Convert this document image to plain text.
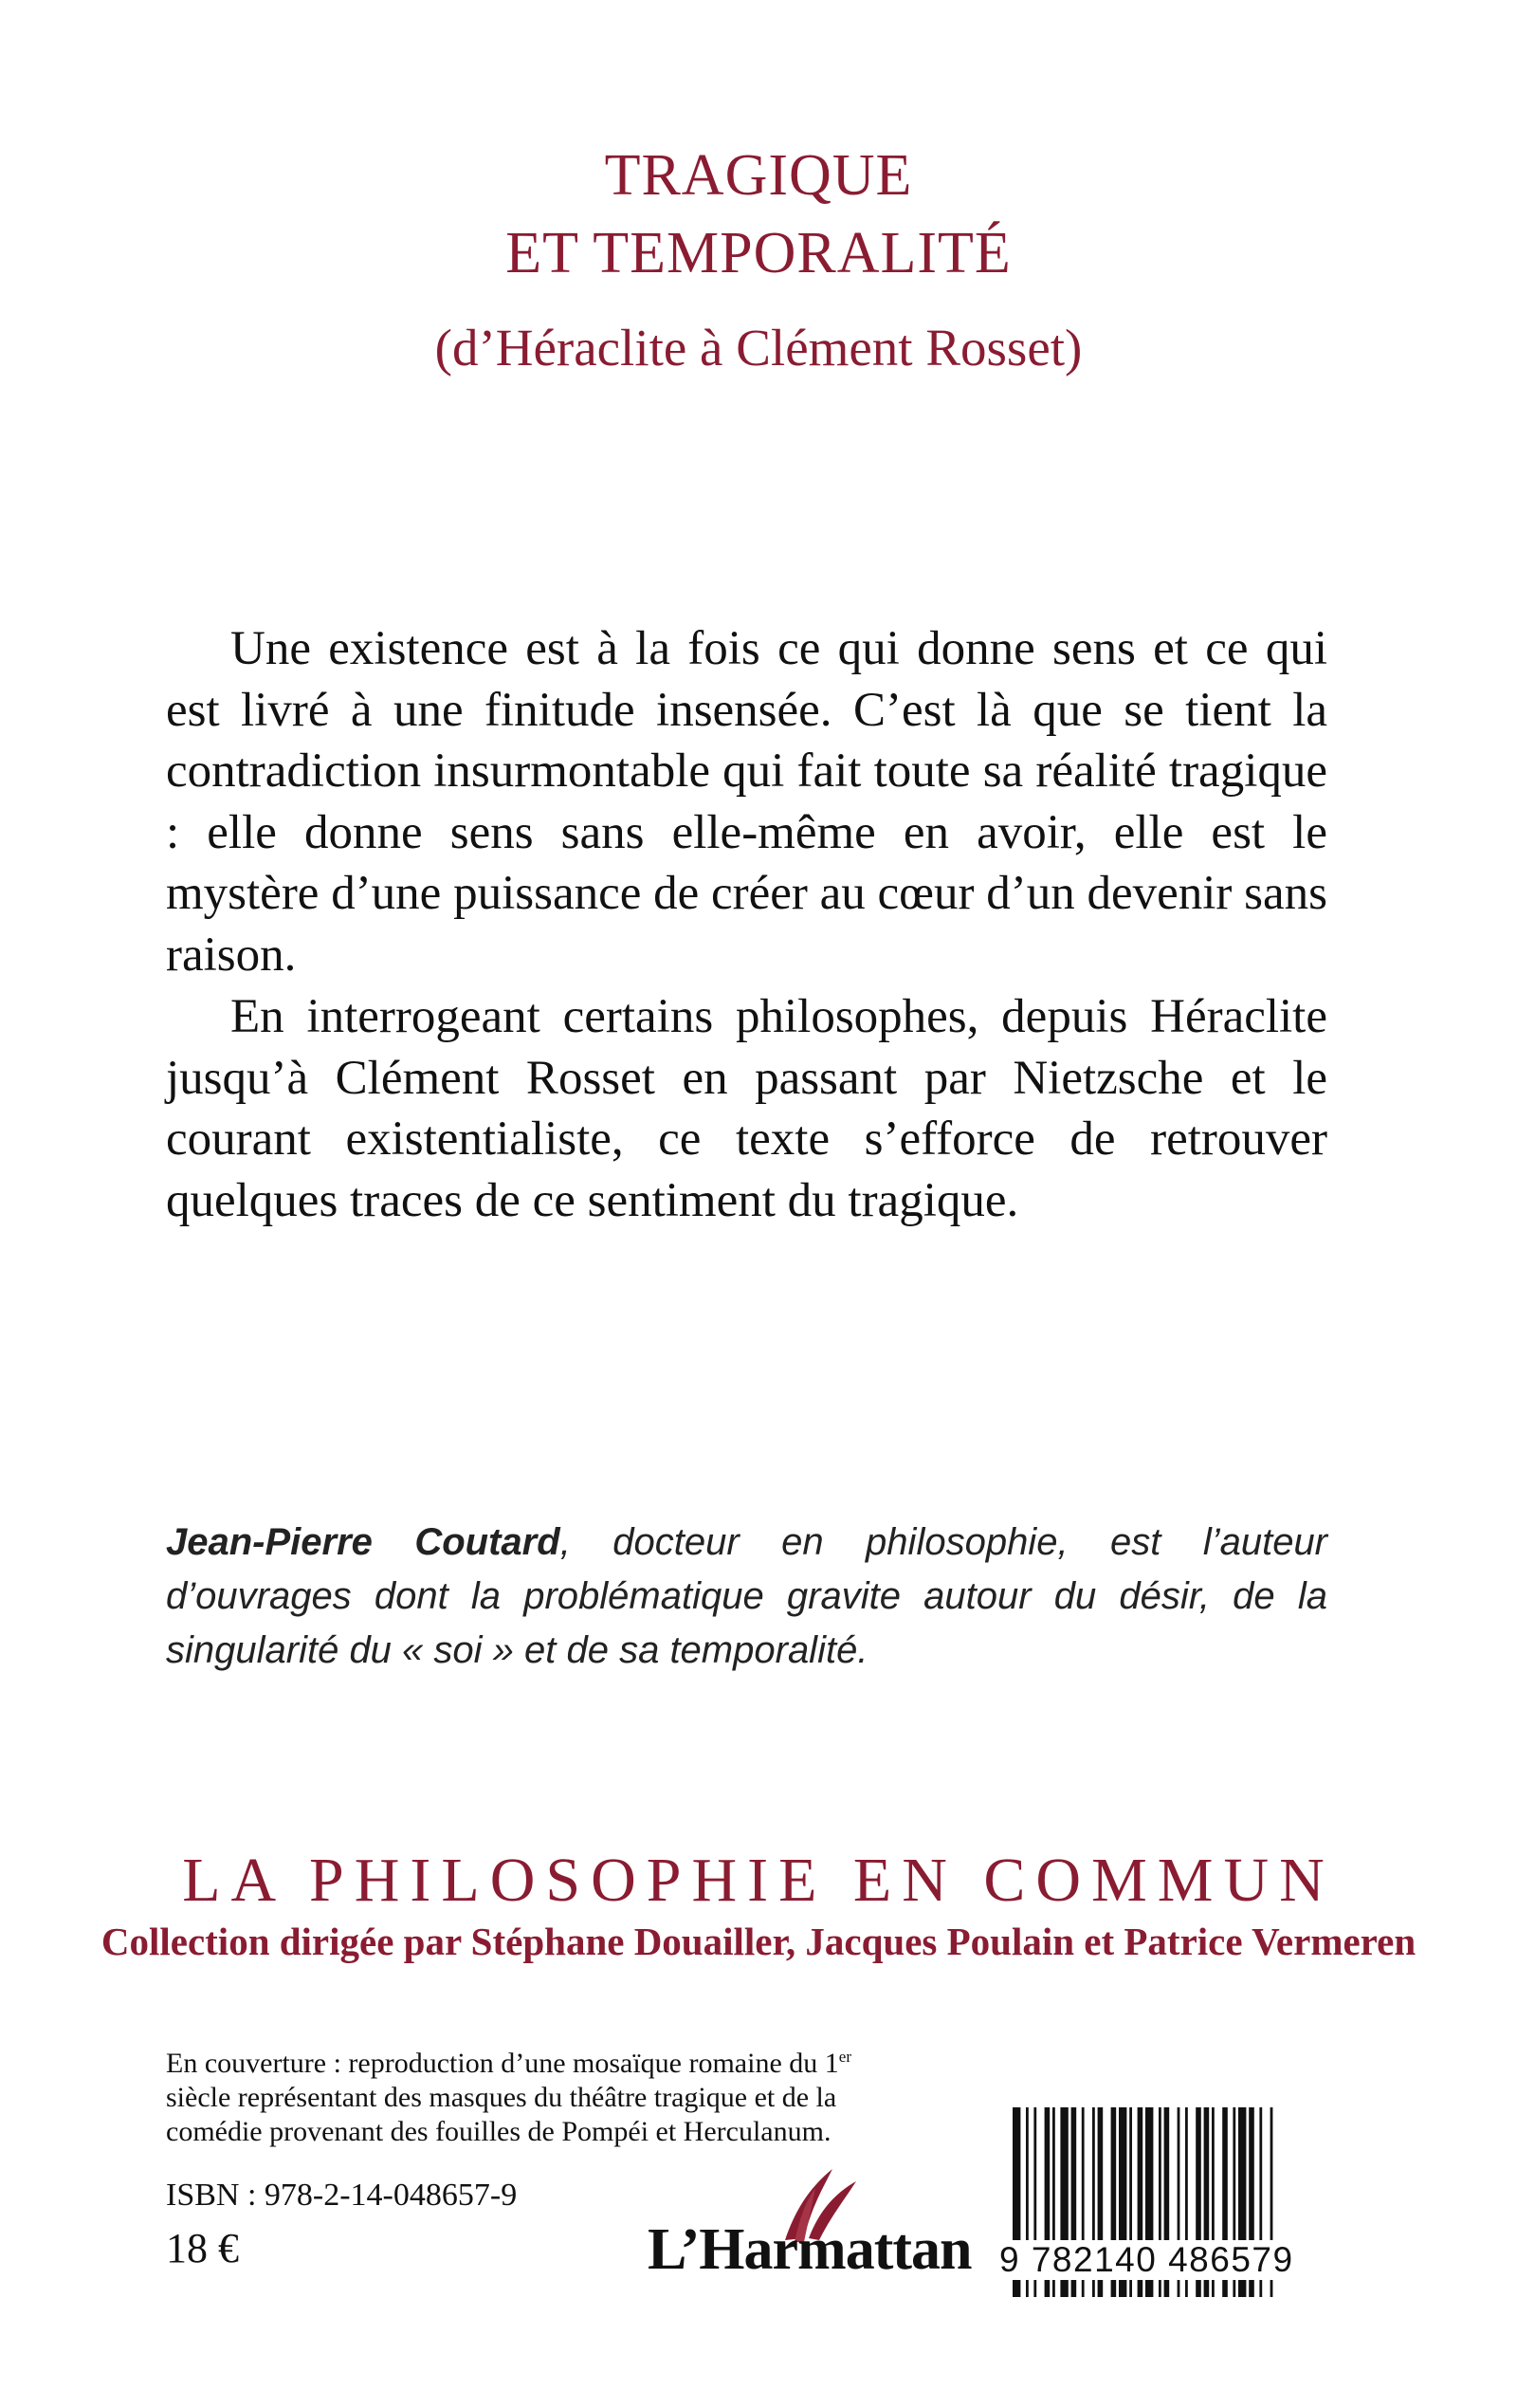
TRAGIQUE
ET TEMPORALITÉ
(d’Héraclite à Clément Rosset)

Une existence est à la fois ce qui donne sens et ce qui est livré à une finitude insensée. C’est là que se tient la contradiction insurmontable qui fait toute sa réalité tragique : elle donne sens sans elle-même en avoir, elle est le mystère d’une puissance de créer au cœur d’un devenir sans raison.

En interrogeant certains philosophes, depuis Héraclite jusqu’à Clément Rosset en passant par Nietzsche et le courant existentialiste, ce texte s’efforce de retrouver quelques traces de ce sentiment du tragique.

Jean-Pierre Coutard, docteur en philosophie, est l’auteur d’ouvrages dont la problématique gravite autour du désir, de la singularité du « soi » et de sa temporalité.

LA PHILOSOPHIE EN COMMUN
Collection dirigée par Stéphane Douailler, Jacques Poulain et Patrice Vermeren

En couverture : reproduction d’une mosaïque romaine du 1er siècle représentant des masques du théâtre tragique et de la comédie provenant des fouilles de Pompéi et Herculanum.

ISBN : 978-2-14-048657-9
18 €	L’Harmattan 9 782140 486579
